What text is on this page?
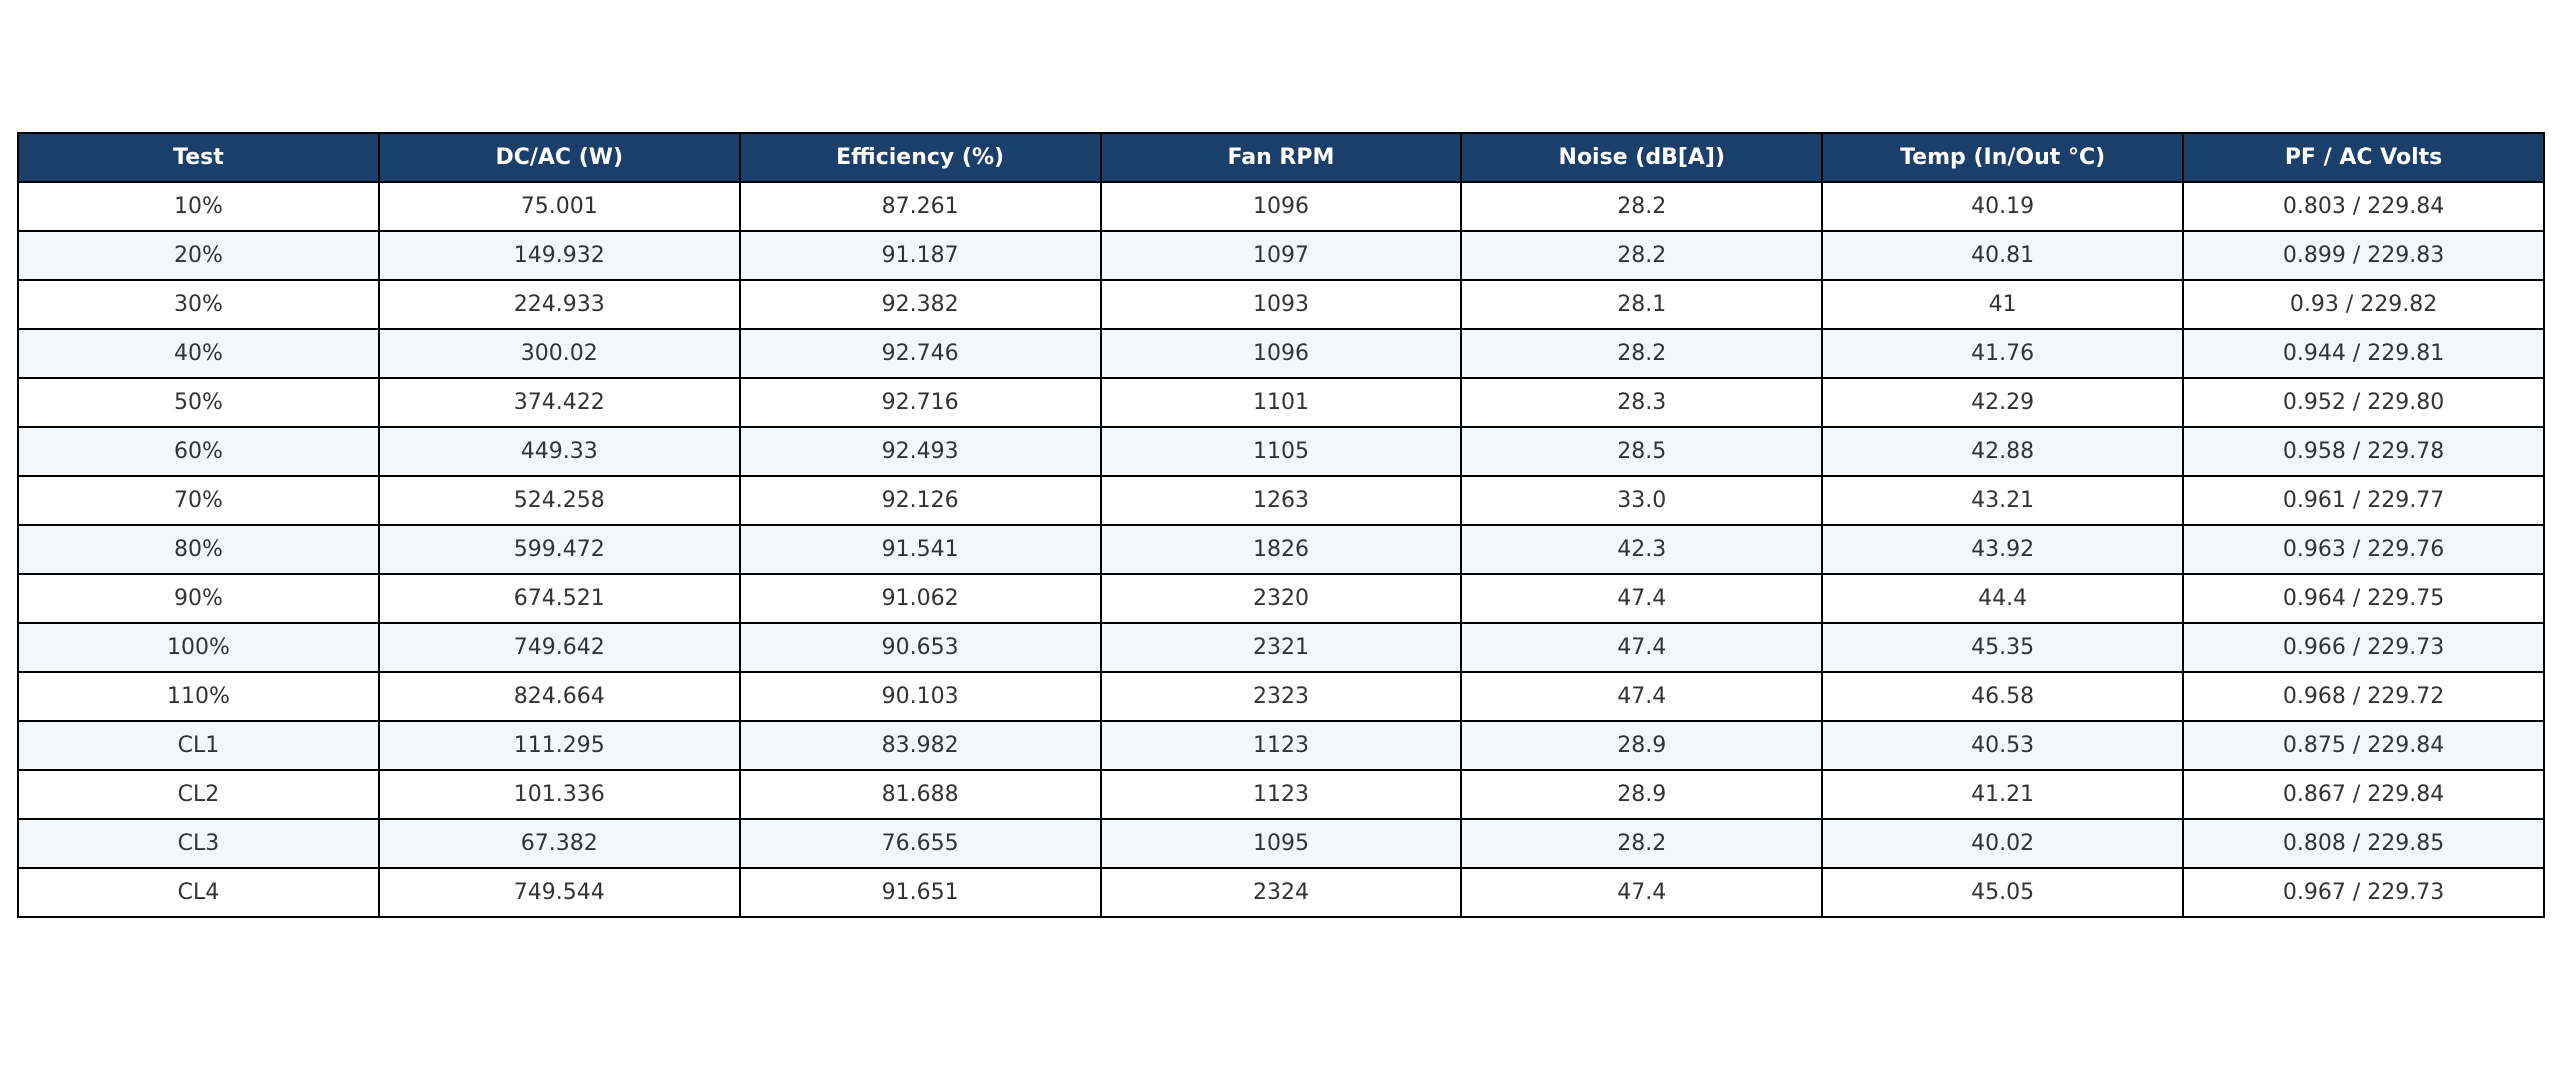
Test	DC/AC (W)	Efficiency (%)	Fan RPM	Noise (dB[A])	Temp (In/Out °C)	PF / AC Volts
10%	75.001	87.261	1096	28.2	40.19	0.803 / 229.84
20%	149.932	91.187	1097	28.2	40.81	0.899 / 229.83
30%	224.933	92.382	1093	28.1	41	0.93 / 229.82
40%	300.02	92.746	1096	28.2	41.76	0.944 / 229.81
50%	374.422	92.716	1101	28.3	42.29	0.952 / 229.80
60%	449.33	92.493	1105	28.5	42.88	0.958 / 229.78
70%	524.258	92.126	1263	33.0	43.21	0.961 / 229.77
80%	599.472	91.541	1826	42.3	43.92	0.963 / 229.76
90%	674.521	91.062	2320	47.4	44.4	0.964 / 229.75
100%	749.642	90.653	2321	47.4	45.35	0.966 / 229.73
110%	824.664	90.103	2323	47.4	46.58	0.968 / 229.72
CL1	111.295	83.982	1123	28.9	40.53	0.875 / 229.84
CL2	101.336	81.688	1123	28.9	41.21	0.867 / 229.84
CL3	67.382	76.655	1095	28.2	40.02	0.808 / 229.85
CL4	749.544	91.651	2324	47.4	45.05	0.967 / 229.73
